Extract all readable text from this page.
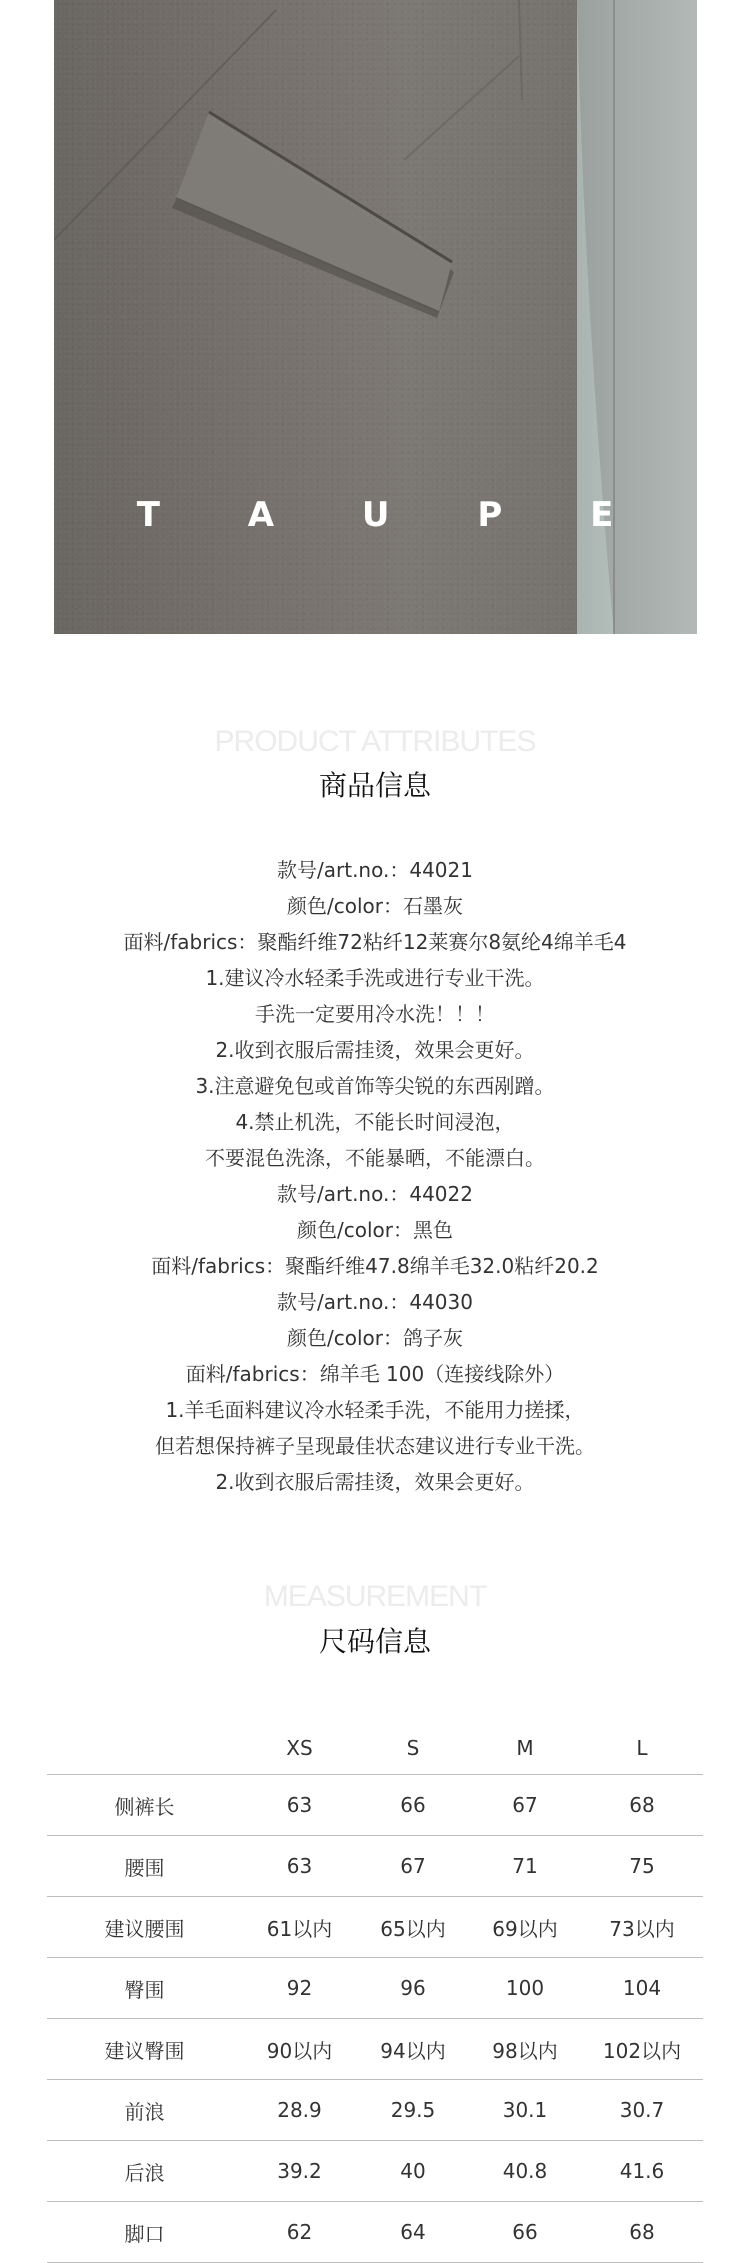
T A U P E
PRODUCT ATTRIBUTES
商品信息
款号/art.no.：44021
颜色/color：石墨灰
面料/fabrics：聚酯纤维72粘纤12莱赛尔8氨纶4绵羊毛4
1.建议冷水轻柔手洗或进行专业干洗。
手洗一定要用冷水洗！！！
2.收到衣服后需挂烫，效果会更好。
3.注意避免包或首饰等尖锐的东西剐蹭。
4.禁止机洗，不能长时间浸泡，
不要混色洗涤，不能暴晒，不能漂白。
款号/art.no.：44022
颜色/color：黑色
面料/fabrics：聚酯纤维47.8绵羊毛32.0粘纤20.2
款号/art.no.：44030
颜色/color：鸽子灰
面料/fabrics：绵羊毛 100（连接线除外）
1.羊毛面料建议冷水轻柔手洗，不能用力搓揉，
但若想保持裤子呈现最佳状态建议进行专业干洗。
2.收到衣服后需挂烫，效果会更好。
MEASUREMENT
尺码信息
	XS	S	M	L
侧裤长	63	66	67	68
腰围	63	67	71	75
建议腰围	61以内	65以内	69以内	73以内
臀围	92	96	100	104
建议臀围	90以内	94以内	98以内	102以内
前浪	28.9	29.5	30.1	30.7
后浪	39.2	40	40.8	41.6
脚口	62	64	66	68
